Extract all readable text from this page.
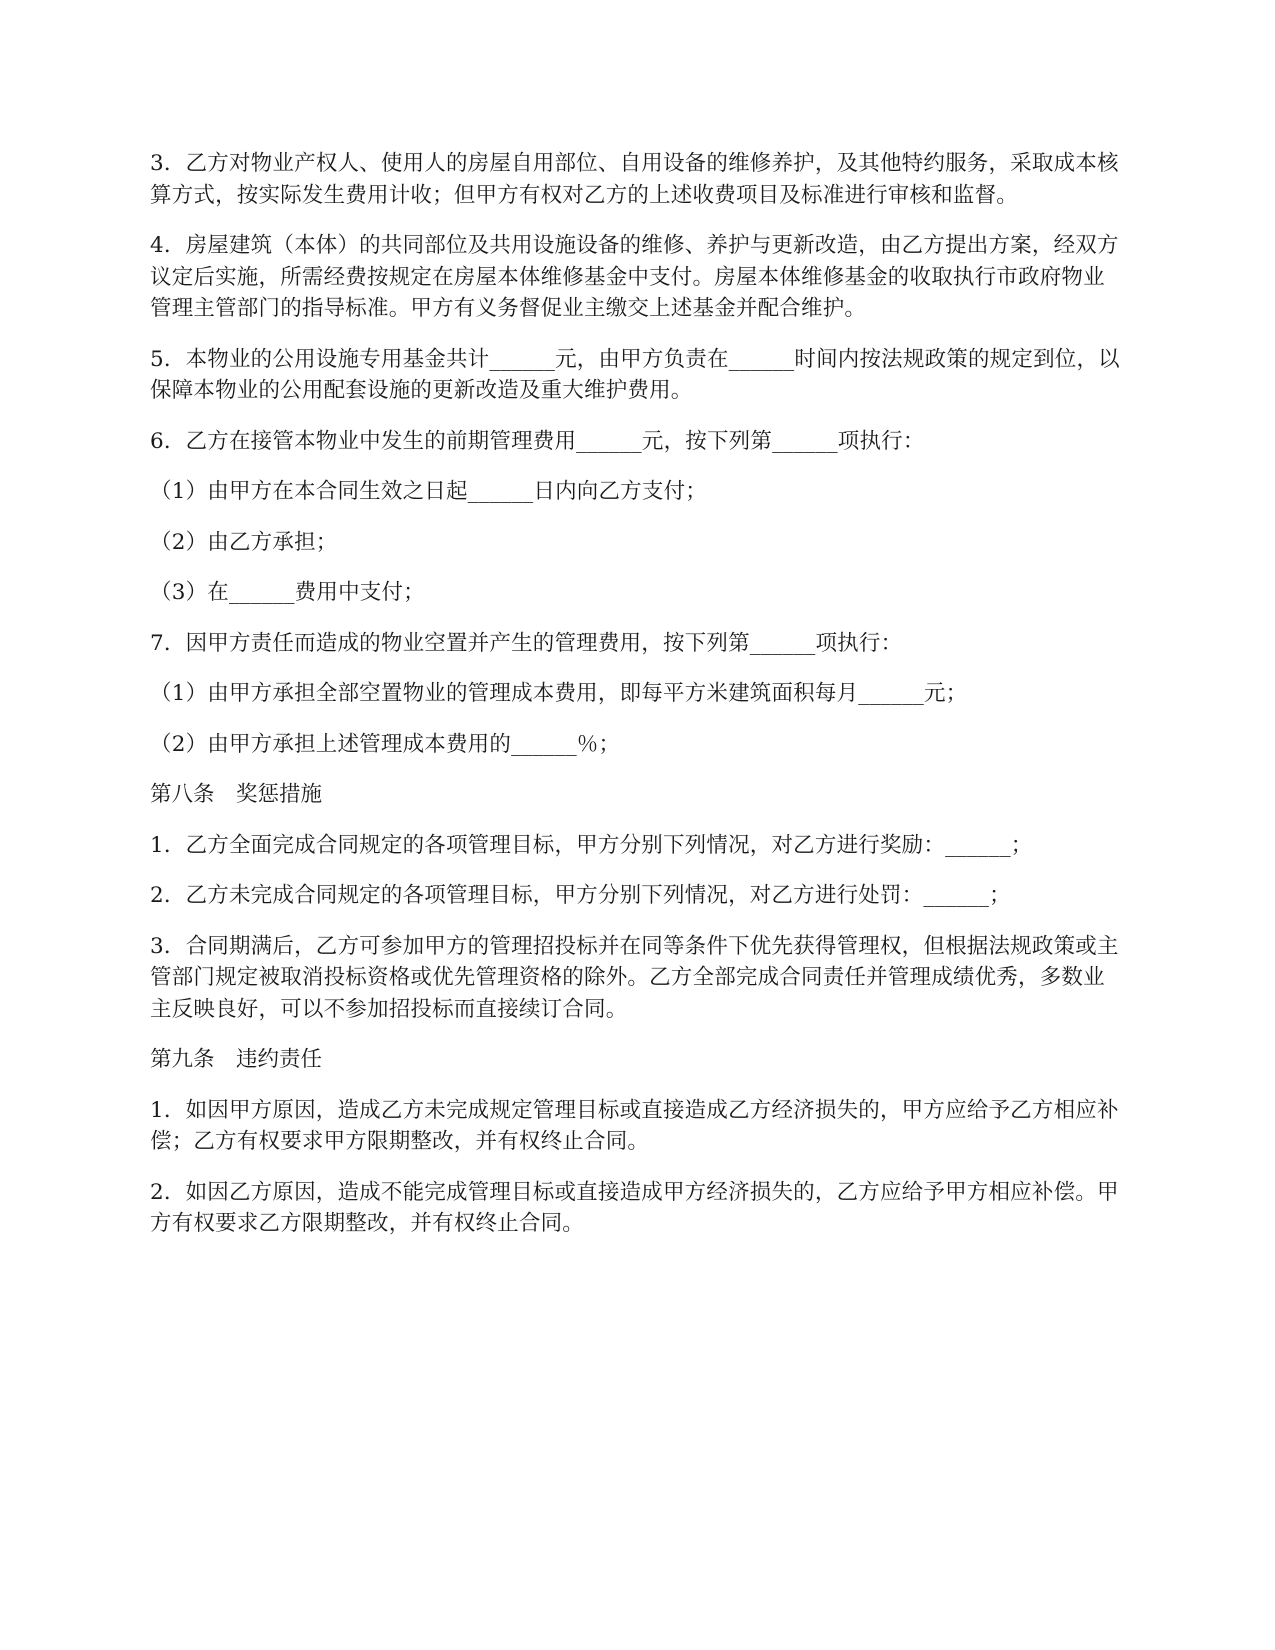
3．乙方对物业产权人、使用人的房屋自用部位、自用设备的维修养护，及其他特约服务，采取成本核算方式，按实际发生费用计收；但甲方有权对乙方的上述收费项目及标准进行审核和监督。

4．房屋建筑（本体）的共同部位及共用设施设备的维修、养护与更新改造，由乙方提出方案，经双方议定后实施，所需经费按规定在房屋本体维修基金中支付。房屋本体维修基金的收取执行市政府物业管理主管部门的指导标准。甲方有义务督促业主缴交上述基金并配合维护。

5．本物业的公用设施专用基金共计______元，由甲方负责在______时间内按法规政策的规定到位，以保障本物业的公用配套设施的更新改造及重大维护费用。

6．乙方在接管本物业中发生的前期管理费用______元，按下列第______项执行：

（1）由甲方在本合同生效之日起______日内向乙方支付；

（2）由乙方承担；

（3）在______费用中支付；

7．因甲方责任而造成的物业空置并产生的管理费用，按下列第______项执行：

（1）由甲方承担全部空置物业的管理成本费用，即每平方米建筑面积每月______元；

（2）由甲方承担上述管理成本费用的______％；

第八条　奖惩措施

1．乙方全面完成合同规定的各项管理目标，甲方分别下列情况，对乙方进行奖励：______；

2．乙方未完成合同规定的各项管理目标，甲方分别下列情况，对乙方进行处罚：______；

3．合同期满后，乙方可参加甲方的管理招投标并在同等条件下优先获得管理权，但根据法规政策或主管部门规定被取消投标资格或优先管理资格的除外。乙方全部完成合同责任并管理成绩优秀，多数业主反映良好，可以不参加招投标而直接续订合同。

第九条　违约责任

1．如因甲方原因，造成乙方未完成规定管理目标或直接造成乙方经济损失的，甲方应给予乙方相应补偿；乙方有权要求甲方限期整改，并有权终止合同。

2．如因乙方原因，造成不能完成管理目标或直接造成甲方经济损失的，乙方应给予甲方相应补偿。甲方有权要求乙方限期整改，并有权终止合同。
